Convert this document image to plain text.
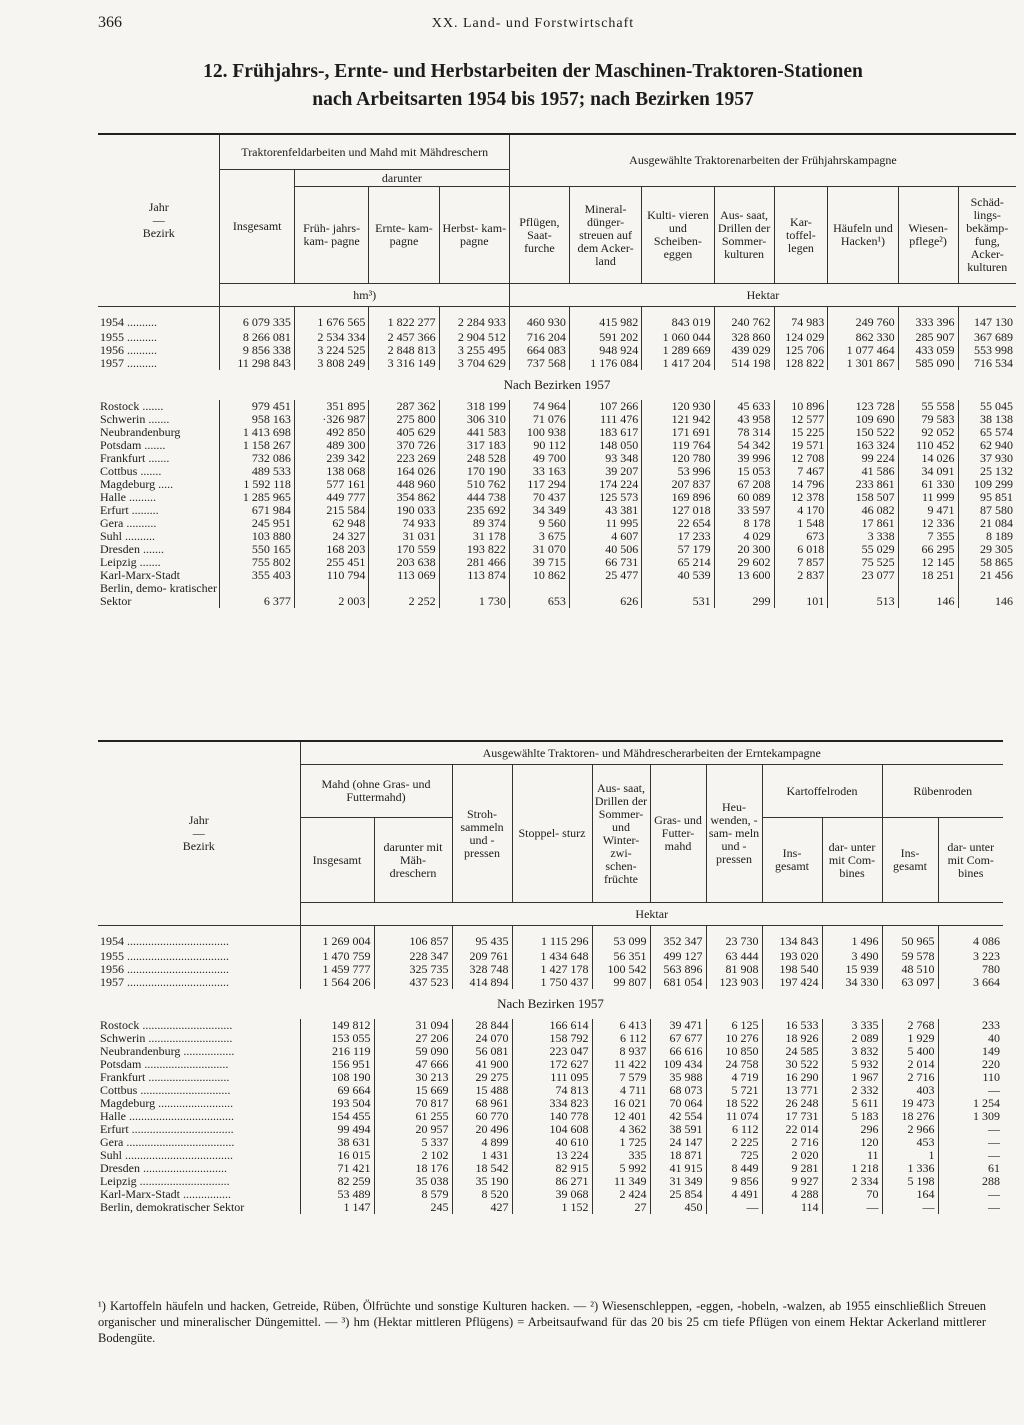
366	XX. Land- und Forstwirtschaft
12. Frühjahrs-, Ernte- und Herbstarbeiten der Maschinen-Traktoren-Stationen
nach Arbeitsarten 1954 bis 1957; nach Bezirken 1957
Jahr
—
Bezirk	Traktorenfeldarbeiten und Mahd mit Mähdreschern				Ausgewählte Traktorenarbeiten der Frühjahrskampagne							
	Insgesamt	darunter										
		Früh- jahrs- kam- pagne	Ernte- kam- pagne	Herbst- kam- pagne	Pflügen, Saat- furche	Mineral- dünger- streuen auf dem Acker- land	Kulti- vieren und Scheiben- eggen	Aus- saat, Drillen der Sommer- kulturen	Kar- toffel- legen	Häufeln und Hacken¹)	Wiesen- pflege²)	Schäd- lings- bekämp- fung, Acker- kulturen
	hm³)				Hektar							
1954 ..........	6 079 335	1 676 565	1 822 277	2 284 933	460 930	415 982	843 019	240 762	74 983	249 760	333 396	147 130
1955 ..........	8 266 081	2 534 334	2 457 366	2 904 512	716 204	591 202	1 060 044	328 860	124 029	862 330	285 907	367 689
1956 ..........	9 856 338	3 224 525	2 848 813	3 255 495	664 083	948 924	1 289 669	439 029	125 706	1 077 464	433 059	553 998
1957 ..........	11 298 843	3 808 249	3 316 149	3 704 629	737 568	1 176 084	1 417 204	514 198	128 822	1 301 867	585 090	716 534
Nach Bezirken 1957												
Rostock .......	979 451	351 895	287 362	318 199	74 964	107 266	120 930	45 633	10 896	123 728	55 558	55 045
Schwerin .......	958 163	·326 987	275 800	306 310	71 076	111 476	121 942	43 958	12 577	109 690	79 583	38 138
Neubrandenburg	1 413 698	492 850	405 629	441 583	100 938	183 617	171 691	78 314	15 225	150 522	92 052	65 574
Potsdam .......	1 158 267	489 300	370 726	317 183	90 112	148 050	119 764	54 342	19 571	163 324	110 452	62 940
Frankfurt .......	732 086	239 342	223 269	248 528	49 700	93 348	120 780	39 996	12 708	99 224	14 026	37 930
Cottbus .......	489 533	138 068	164 026	170 190	33 163	39 207	53 996	15 053	7 467	41 586	34 091	25 132
Magdeburg .....	1 592 118	577 161	448 960	510 762	117 294	174 224	207 837	67 208	14 796	233 861	61 330	109 299
Halle .........	1 285 965	449 777	354 862	444 738	70 437	125 573	169 896	60 089	12 378	158 507	11 999	95 851
Erfurt .........	671 984	215 584	190 033	235 692	34 349	43 381	127 018	33 597	4 170	46 082	9 471	87 580
Gera ..........	245 951	62 948	74 933	89 374	9 560	11 995	22 654	8 178	1 548	17 861	12 336	21 084
Suhl ..........	103 880	24 327	31 031	31 178	3 675	4 607	17 233	4 029	673	3 338	7 355	8 189
Dresden .......	550 165	168 203	170 559	193 822	31 070	40 506	57 179	20 300	6 018	55 029	66 295	29 305
Leipzig .......	755 802	255 451	203 638	281 466	39 715	66 731	65 214	29 602	7 857	75 525	12 145	58 865
Karl-Marx-Stadt	355 403	110 794	113 069	113 874	10 862	25 477	40 539	13 600	2 837	23 077	18 251	21 456
Berlin, demo- kratischer Sektor	6 377	2 003	2 252	1 730	653	626	531	299	101	513	146	146
Jahr
—
Bezirk	Ausgewählte Traktoren- und Mähdrescherarbeiten der Erntekampagne										
	Mahd (ohne Gras- und Futtermahd)		Stroh- sammeln und -pressen	Stoppel- sturz	Aus- saat, Drillen der Sommer- und Winter- zwi- schen- früchte	Gras- und Futter- mahd	Heu- wenden, -sam- meln und -pressen	Kartoffelroden		Rübenroden	
	Insgesamt	darunter mit Mäh- dreschern						Ins- gesamt	dar- unter mit Com- bines	Ins- gesamt	dar- unter mit Com- bines
	Hektar										
1954 ..................................	1 269 004	106 857	95 435	1 115 296	53 099	352 347	23 730	134 843	1 496	50 965	4 086
1955 ..................................	1 470 759	228 347	209 761	1 434 648	56 351	499 127	63 444	193 020	3 490	59 578	3 223
1956 ..................................	1 459 777	325 735	328 748	1 427 178	100 542	563 896	81 908	198 540	15 939	48 510	780
1957 ..................................	1 564 206	437 523	414 894	1 750 437	99 807	681 054	123 903	197 424	34 330	63 097	3 664
Nach Bezirken 1957											
Rostock ..............................	149 812	31 094	28 844	166 614	6 413	39 471	6 125	16 533	3 335	2 768	233
Schwerin ............................	153 055	27 206	24 070	158 792	6 112	67 677	10 276	18 926	2 089	1 929	40
Neubrandenburg .................	216 119	59 090	56 081	223 047	8 937	66 616	10 850	24 585	3 832	5 400	149
Potsdam ............................	156 951	47 666	41 900	172 627	11 422	109 434	24 758	30 522	5 932	2 014	220
Frankfurt ...........................	108 190	30 213	29 275	111 095	7 579	35 988	4 719	16 290	1 967	2 716	110
Cottbus ..............................	69 664	15 669	15 488	74 813	4 711	68 073	5 721	13 771	2 332	403	—
Magdeburg .........................	193 504	70 817	68 961	334 823	16 021	70 064	18 522	26 248	5 611	19 473	1 254
Halle ...................................	154 455	61 255	60 770	140 778	12 401	42 554	11 074	17 731	5 183	18 276	1 309
Erfurt ..................................	99 494	20 957	20 496	104 608	4 362	38 591	6 112	22 014	296	2 966	—
Gera ....................................	38 631	5 337	4 899	40 610	1 725	24 147	2 225	2 716	120	453	—
Suhl ....................................	16 015	2 102	1 431	13 224	335	18 871	725	2 020	11	1	—
Dresden ............................	71 421	18 176	18 542	82 915	5 992	41 915	8 449	9 281	1 218	1 336	61
Leipzig ..............................	82 259	35 038	35 190	86 271	11 349	31 349	9 856	9 927	2 334	5 198	288
Karl-Marx-Stadt ................	53 489	8 579	8 520	39 068	2 424	25 854	4 491	4 288	70	164	—
Berlin, demokratischer Sektor	1 147	245	427	1 152	27	450	—	114	—	—	—
¹) Kartoffeln häufeln und hacken, Getreide, Rüben, Ölfrüchte und sonstige Kulturen hacken. — ²) Wiesenschleppen, -eggen, -hobeln, -walzen, ab 1955 einschließlich Streuen organischer und mineralischer Düngemittel. — ³) hm (Hektar mittleren Pflügens) = Arbeitsaufwand für das 20 bis 25 cm tiefe Pflügen von einem Hektar Ackerland mittlerer Bodengüte.
